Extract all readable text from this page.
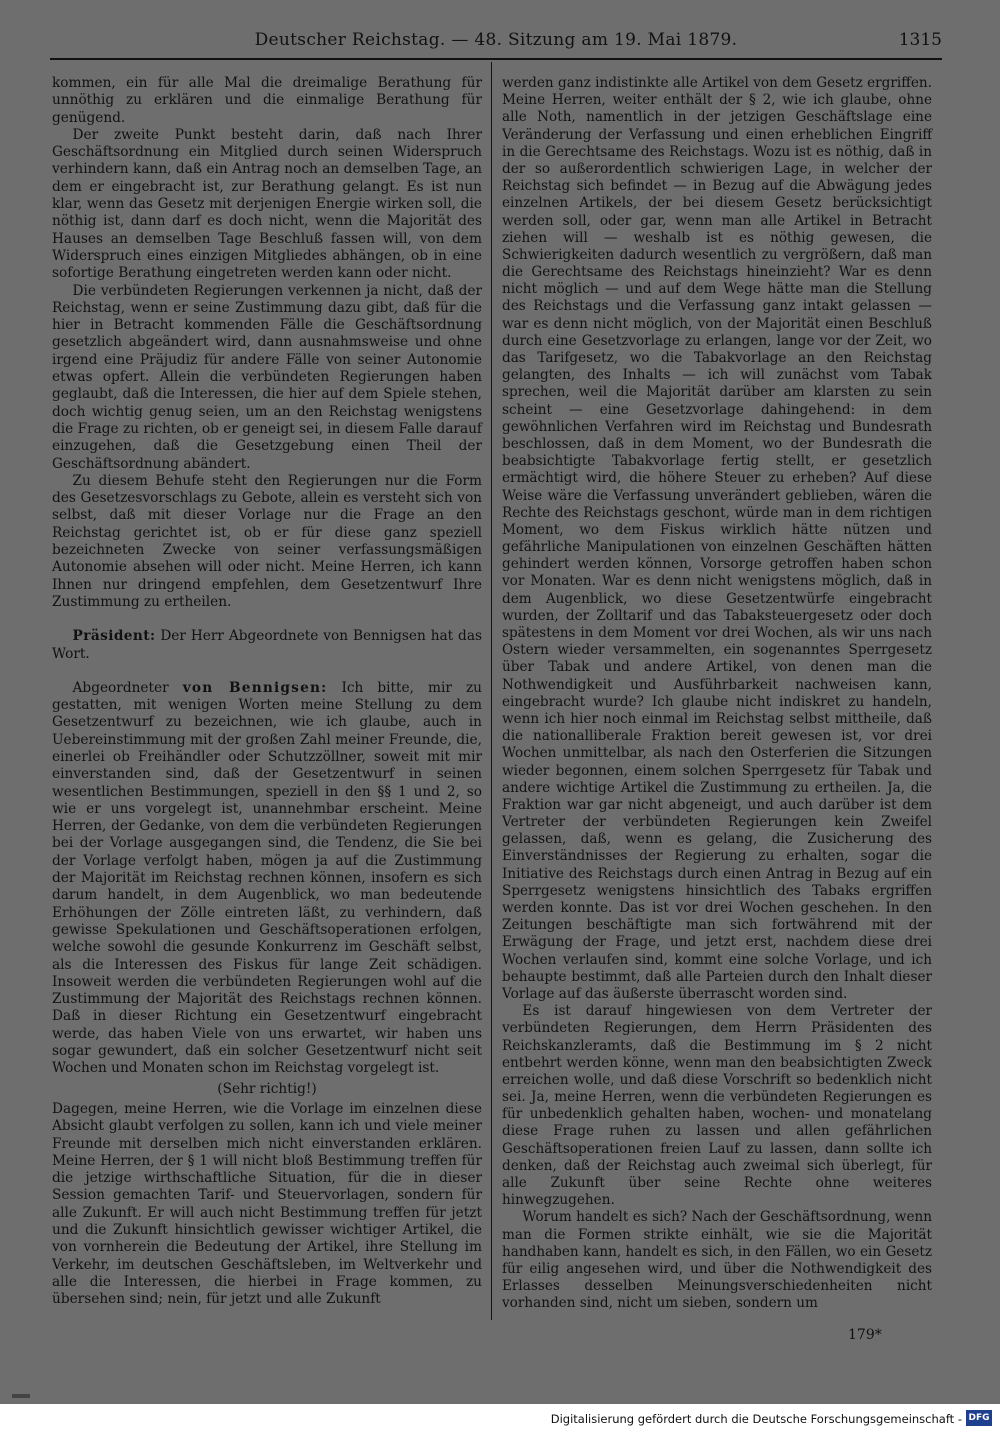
Deutscher Reichstag. — 48. Sitzung am 19. Mai 1879.	1315

kommen, ein für alle Mal die dreimalige Berathung für unnöthig zu erklären und die einmalige Berathung für genügend.

Der zweite Punkt besteht darin, daß nach Ihrer Geschäftsordnung ein Mitglied durch seinen Widerspruch verhindern kann, daß ein Antrag noch an demselben Tage, an dem er eingebracht ist, zur Berathung gelangt. Es ist nun klar, wenn das Gesetz mit derjenigen Energie wirken soll, die nöthig ist, dann darf es doch nicht, wenn die Majorität des Hauses an demselben Tage Beschluß fassen will, von dem Widerspruch eines einzigen Mitgliedes abhängen, ob in eine sofortige Berathung eingetreten werden kann oder nicht.

Die verbündeten Regierungen verkennen ja nicht, daß der Reichstag, wenn er seine Zustimmung dazu gibt, daß für die hier in Betracht kommenden Fälle die Geschäftsordnung gesetzlich abgeändert wird, dann ausnahmsweise und ohne irgend eine Präjudiz für andere Fälle von seiner Autonomie etwas opfert. Allein die verbündeten Regierungen haben geglaubt, daß die Interessen, die hier auf dem Spiele stehen, doch wichtig genug seien, um an den Reichstag wenigstens die Frage zu richten, ob er geneigt sei, in diesem Falle darauf einzugehen, daß die Gesetzgebung einen Theil der Geschäftsordnung abändert.

Zu diesem Behufe steht den Regierungen nur die Form des Gesetzesvorschlags zu Gebote, allein es versteht sich von selbst, daß mit dieser Vorlage nur die Frage an den Reichstag gerichtet ist, ob er für diese ganz speziell bezeichneten Zwecke von seiner verfassungsmäßigen Autonomie absehen will oder nicht. Meine Herren, ich kann Ihnen nur dringend empfehlen, dem Gesetzentwurf Ihre Zustimmung zu ertheilen.

Präsident: Der Herr Abgeordnete von Bennigsen hat das Wort.

Abgeordneter von Bennigsen: Ich bitte, mir zu gestatten, mit wenigen Worten meine Stellung zu dem Gesetzentwurf zu bezeichnen, wie ich glaube, auch in Uebereinstimmung mit der großen Zahl meiner Freunde, die, einerlei ob Freihändler oder Schutzzöllner, soweit mit mir einverstanden sind, daß der Gesetzentwurf in seinen wesentlichen Bestimmungen, speziell in den §§ 1 und 2, so wie er uns vorgelegt ist, unannehmbar erscheint. Meine Herren, der Gedanke, von dem die verbündeten Regierungen bei der Vorlage ausgegangen sind, die Tendenz, die Sie bei der Vorlage verfolgt haben, mögen ja auf die Zustimmung der Majorität im Reichstag rechnen können, insofern es sich darum handelt, in dem Augenblick, wo man bedeutende Erhöhungen der Zölle eintreten läßt, zu verhindern, daß gewisse Spekulationen und Geschäftsoperationen erfolgen, welche sowohl die gesunde Konkurrenz im Geschäft selbst, als die Interessen des Fiskus für lange Zeit schädigen. Insoweit werden die verbündeten Regierungen wohl auf die Zustimmung der Majorität des Reichstags rechnen können. Daß in dieser Richtung ein Gesetzentwurf eingebracht werde, das haben Viele von uns erwartet, wir haben uns sogar gewundert, daß ein solcher Gesetzentwurf nicht seit Wochen und Monaten schon im Reichstag vorgelegt ist.

(Sehr richtig!)

Dagegen, meine Herren, wie die Vorlage im einzelnen diese Absicht glaubt verfolgen zu sollen, kann ich und viele meiner Freunde mit derselben mich nicht einverstanden erklären. Meine Herren, der § 1 will nicht bloß Bestimmung treffen für die jetzige wirthschaftliche Situation, für die in dieser Session gemachten Tarif- und Steuervorlagen, sondern für alle Zukunft. Er will auch nicht Bestimmung treffen für jetzt und die Zukunft hinsichtlich gewisser wichtiger Artikel, die von vornherein die Bedeutung der Artikel, ihre Stellung im Verkehr, im deutschen Geschäftsleben, im Weltverkehr und alle die Interessen, die hierbei in Frage kommen, zu übersehen sind; nein, für jetzt und alle Zukunft

werden ganz indistinkte alle Artikel von dem Gesetz ergriffen. Meine Herren, weiter enthält der § 2, wie ich glaube, ohne alle Noth, namentlich in der jetzigen Geschäftslage eine Veränderung der Verfassung und einen erheblichen Eingriff in die Gerechtsame des Reichstags. Wozu ist es nöthig, daß in der so außerordentlich schwierigen Lage, in welcher der Reichstag sich befindet — in Bezug auf die Abwägung jedes einzelnen Artikels, der bei diesem Gesetz berücksichtigt werden soll, oder gar, wenn man alle Artikel in Betracht ziehen will — weshalb ist es nöthig gewesen, die Schwierigkeiten dadurch wesentlich zu vergrößern, daß man die Gerechtsame des Reichstags hineinzieht? War es denn nicht möglich — und auf dem Wege hätte man die Stellung des Reichstags und die Verfassung ganz intakt gelassen — war es denn nicht möglich, von der Majorität einen Beschluß durch eine Gesetzvorlage zu erlangen, lange vor der Zeit, wo das Tarifgesetz, wo die Tabakvorlage an den Reichstag gelangten, des Inhalts — ich will zunächst vom Tabak sprechen, weil die Majorität darüber am klarsten zu sein scheint — eine Gesetzvorlage dahingehend: in dem gewöhnlichen Verfahren wird im Reichstag und Bundesrath beschlossen, daß in dem Moment, wo der Bundesrath die beabsichtigte Tabakvorlage fertig stellt, er gesetzlich ermächtigt wird, die höhere Steuer zu erheben? Auf diese Weise wäre die Verfassung unverändert geblieben, wären die Rechte des Reichstags geschont, würde man in dem richtigen Moment, wo dem Fiskus wirklich hätte nützen und gefährliche Manipulationen von einzelnen Geschäften hätten gehindert werden können, Vorsorge getroffen haben schon vor Monaten. War es denn nicht wenigstens möglich, daß in dem Augenblick, wo diese Gesetzentwürfe eingebracht wurden, der Zolltarif und das Tabaksteuergesetz oder doch spätestens in dem Moment vor drei Wochen, als wir uns nach Ostern wieder versammelten, ein sogenanntes Sperrgesetz über Tabak und andere Artikel, von denen man die Nothwendigkeit und Ausführbarkeit nachweisen kann, eingebracht wurde? Ich glaube nicht indiskret zu handeln, wenn ich hier noch einmal im Reichstag selbst mittheile, daß die nationalliberale Fraktion bereit gewesen ist, vor drei Wochen unmittelbar, als nach den Osterferien die Sitzungen wieder begonnen, einem solchen Sperrgesetz für Tabak und andere wichtige Artikel die Zustimmung zu ertheilen. Ja, die Fraktion war gar nicht abgeneigt, und auch darüber ist dem Vertreter der verbündeten Regierungen kein Zweifel gelassen, daß, wenn es gelang, die Zusicherung des Einverständnisses der Regierung zu erhalten, sogar die Initiative des Reichstags durch einen Antrag in Bezug auf ein Sperrgesetz wenigstens hinsichtlich des Tabaks ergriffen werden konnte. Das ist vor drei Wochen geschehen. In den Zeitungen beschäftigte man sich fortwährend mit der Erwägung der Frage, und jetzt erst, nachdem diese drei Wochen verlaufen sind, kommt eine solche Vorlage, und ich behaupte bestimmt, daß alle Parteien durch den Inhalt dieser Vorlage auf das äußerste überrascht worden sind.

Es ist darauf hingewiesen von dem Vertreter der verbündeten Regierungen, dem Herrn Präsidenten des Reichskanzleramts, daß die Bestimmung im § 2 nicht entbehrt werden könne, wenn man den beabsichtigten Zweck erreichen wolle, und daß diese Vorschrift so bedenklich nicht sei. Ja, meine Herren, wenn die verbündeten Regierungen es für unbedenklich gehalten haben, wochen- und monatelang diese Frage ruhen zu lassen und allen gefährlichen Geschäftsoperationen freien Lauf zu lassen, dann sollte ich denken, daß der Reichstag auch zweimal sich überlegt, für alle Zukunft über seine Rechte ohne weiteres hinwegzugehen.

Worum handelt es sich? Nach der Geschäftsordnung, wenn man die Formen strikte einhält, wie sie die Majorität handhaben kann, handelt es sich, in den Fällen, wo ein Gesetz für eilig angesehen wird, und über die Nothwendigkeit des Erlasses desselben Meinungsverschiedenheiten nicht vorhanden sind, nicht um sieben, sondern um

179*
Digitalisierung gefördert durch die Deutsche Forschungsgemeinschaft - DFG
